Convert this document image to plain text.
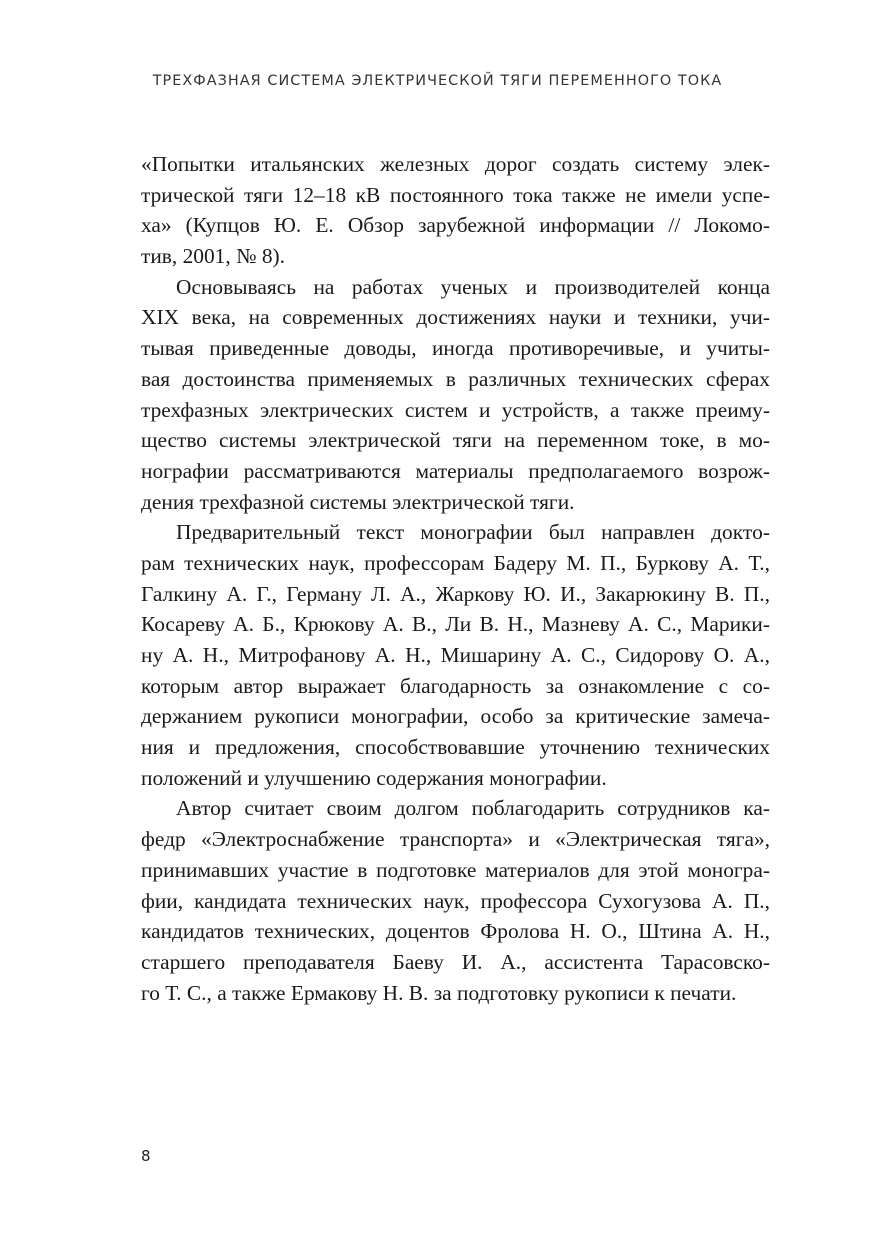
ТРЕХФАЗНАЯ СИСТЕМА ЭЛЕКТРИЧЕСКОЙ ТЯГИ ПЕРЕМЕННОГО ТОКА
«Попытки итальянских железных дорог создать систему элек-
трической тяги 12–18 кВ постоянного тока также не имели успе-
ха» (Купцов Ю. Е. Обзор зарубежной информации // Локомо-
тив, 2001, № 8).
Основываясь на работах ученых и производителей конца
XIX века, на современных достижениях науки и техники, учи-
тывая приведенные доводы, иногда противоречивые, и учиты-
вая достоинства применяемых в различных технических сферах
трехфазных электрических систем и устройств, а также преиму-
щество системы электрической тяги на переменном токе, в мо-
нографии рассматриваются материалы предполагаемого возрож-
дения трехфазной системы электрической тяги.
Предварительный текст монографии был направлен доктo-
рам технических наук, профессорам Бадеру М. П., Буркову А. Т.,
Галкину А. Г., Герману Л. А., Жаркову Ю. И., Закарюкину В. П.,
Косареву А. Б., Крюкову А. В., Ли В. Н., Мазневу А. С., Марики-
ну А. Н., Митрофанову А. Н., Мишарину А. С., Сидорову О. А.,
которым автор выражает благодарность за ознакомление с со-
держанием рукописи монографии, особо за критические замеча-
ния и предложения, способствовавшие уточнению технических
положений и улучшению содержания монографии.
Автор считает своим долгом поблагодарить сотрудников ка-
федр «Электроснабжение транспорта» и «Электрическая тяга»,
принимавших участие в подготовке материалов для этой моногра-
фии, кандидата технических наук, профессора Сухогузова А. П.,
кандидатов технических, доцентов Фролова Н. О., Штина А. Н.,
старшего преподавателя Баеву И. А., ассистента Тарасовско-
го Т. С., а также Ермакову Н. В. за подготовку рукописи к печати.
8
